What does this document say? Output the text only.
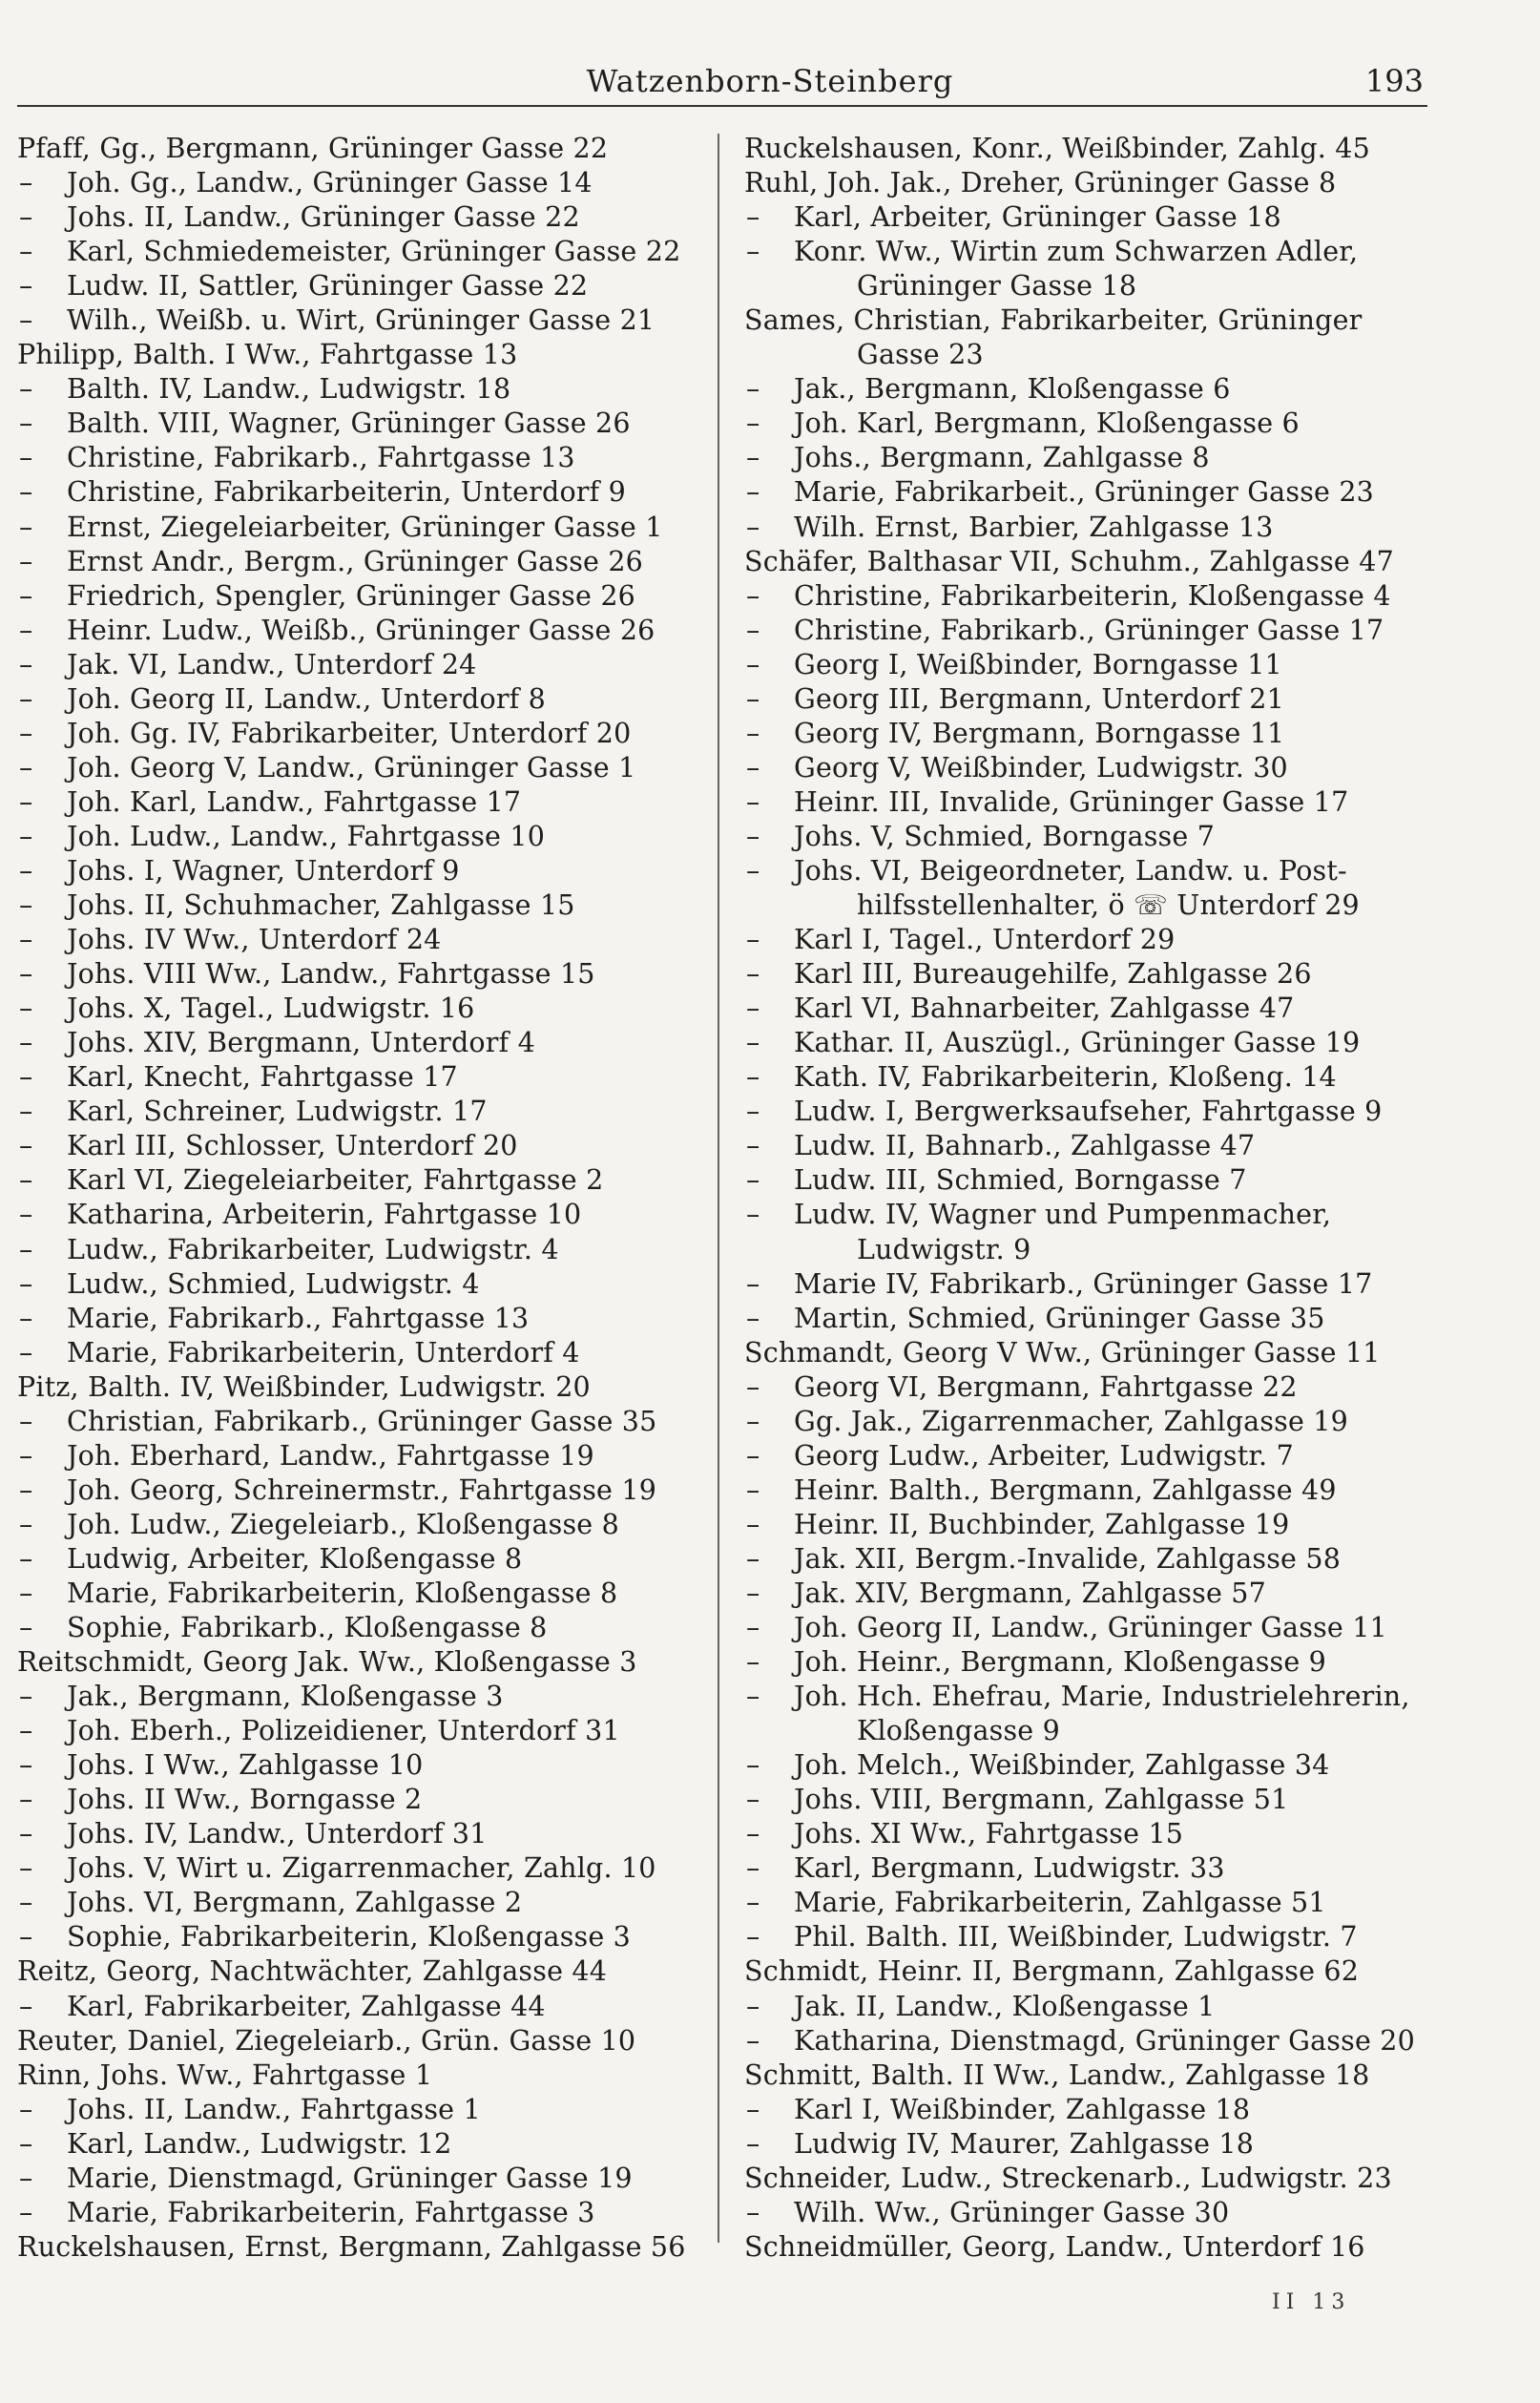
Watzenborn-Steinberg	193
Pfaff, Gg., Bergmann, Grüninger Gasse 22
– Joh. Gg., Landw., Grüninger Gasse 14
– Johs. II, Landw., Grüninger Gasse 22
– Karl, Schmiedemeister, Grüninger Gasse 22
– Ludw. II, Sattler, Grüninger Gasse 22
– Wilh., Weißb. u. Wirt, Grüninger Gasse 21
Philipp, Balth. I Ww., Fahrtgasse 13
– Balth. IV, Landw., Ludwigstr. 18
– Balth. VIII, Wagner, Grüninger Gasse 26
– Christine, Fabrikarb., Fahrtgasse 13
– Christine, Fabrikarbeiterin, Unterdorf 9
– Ernst, Ziegeleiarbeiter, Grüninger Gasse 1
– Ernst Andr., Bergm., Grüninger Gasse 26
– Friedrich, Spengler, Grüninger Gasse 26
– Heinr. Ludw., Weißb., Grüninger Gasse 26
– Jak. VI, Landw., Unterdorf 24
– Joh. Georg II, Landw., Unterdorf 8
– Joh. Gg. IV, Fabrikarbeiter, Unterdorf 20
– Joh. Georg V, Landw., Grüninger Gasse 1
– Joh. Karl, Landw., Fahrtgasse 17
– Joh. Ludw., Landw., Fahrtgasse 10
– Johs. I, Wagner, Unterdorf 9
– Johs. II, Schuhmacher, Zahlgasse 15
– Johs. IV Ww., Unterdorf 24
– Johs. VIII Ww., Landw., Fahrtgasse 15
– Johs. X, Tagel., Ludwigstr. 16
– Johs. XIV, Bergmann, Unterdorf 4
– Karl, Knecht, Fahrtgasse 17
– Karl, Schreiner, Ludwigstr. 17
– Karl III, Schlosser, Unterdorf 20
– Karl VI, Ziegeleiarbeiter, Fahrtgasse 2
– Katharina, Arbeiterin, Fahrtgasse 10
– Ludw., Fabrikarbeiter, Ludwigstr. 4
– Ludw., Schmied, Ludwigstr. 4
– Marie, Fabrikarb., Fahrtgasse 13
– Marie, Fabrikarbeiterin, Unterdorf 4
Pitz, Balth. IV, Weißbinder, Ludwigstr. 20
– Christian, Fabrikarb., Grüninger Gasse 35
– Joh. Eberhard, Landw., Fahrtgasse 19
– Joh. Georg, Schreinermstr., Fahrtgasse 19
– Joh. Ludw., Ziegeleiarb., Kloßengasse 8
– Ludwig, Arbeiter, Kloßengasse 8
– Marie, Fabrikarbeiterin, Kloßengasse 8
– Sophie, Fabrikarb., Kloßengasse 8
Reitschmidt, Georg Jak. Ww., Kloßengasse 3
– Jak., Bergmann, Kloßengasse 3
– Joh. Eberh., Polizeidiener, Unterdorf 31
– Johs. I Ww., Zahlgasse 10
– Johs. II Ww., Borngasse 2
– Johs. IV, Landw., Unterdorf 31
– Johs. V, Wirt u. Zigarrenmacher, Zahlg. 10
– Johs. VI, Bergmann, Zahlgasse 2
– Sophie, Fabrikarbeiterin, Kloßengasse 3
Reitz, Georg, Nachtwächter, Zahlgasse 44
– Karl, Fabrikarbeiter, Zahlgasse 44
Reuter, Daniel, Ziegeleiarb., Grün. Gasse 10
Rinn, Johs. Ww., Fahrtgasse 1
– Johs. II, Landw., Fahrtgasse 1
– Karl, Landw., Ludwigstr. 12
– Marie, Dienstmagd, Grüninger Gasse 19
– Marie, Fabrikarbeiterin, Fahrtgasse 3
Ruckelshausen, Ernst, Bergmann, Zahlgasse 56
Ruckelshausen, Konr., Weißbinder, Zahlg. 45
Ruhl, Joh. Jak., Dreher, Grüninger Gasse 8
– Karl, Arbeiter, Grüninger Gasse 18
– Konr. Ww., Wirtin zum Schwarzen Adler,
Grüninger Gasse 18
Sames, Christian, Fabrikarbeiter, Grüninger
Gasse 23
– Jak., Bergmann, Kloßengasse 6
– Joh. Karl, Bergmann, Kloßengasse 6
– Johs., Bergmann, Zahlgasse 8
– Marie, Fabrikarbeit., Grüninger Gasse 23
– Wilh. Ernst, Barbier, Zahlgasse 13
Schäfer, Balthasar VII, Schuhm., Zahlgasse 47
– Christine, Fabrikarbeiterin, Kloßengasse 4
– Christine, Fabrikarb., Grüninger Gasse 17
– Georg I, Weißbinder, Borngasse 11
– Georg III, Bergmann, Unterdorf 21
– Georg IV, Bergmann, Borngasse 11
– Georg V, Weißbinder, Ludwigstr. 30
– Heinr. III, Invalide, Grüninger Gasse 17
– Johs. V, Schmied, Borngasse 7
– Johs. VI, Beigeordneter, Landw. u. Post-
hilfsstellenhalter, ö ☏ Unterdorf 29
– Karl I, Tagel., Unterdorf 29
– Karl III, Bureaugehilfe, Zahlgasse 26
– Karl VI, Bahnarbeiter, Zahlgasse 47
– Kathar. II, Auszügl., Grüninger Gasse 19
– Kath. IV, Fabrikarbeiterin, Kloßeng. 14
– Ludw. I, Bergwerksaufseher, Fahrtgasse 9
– Ludw. II, Bahnarb., Zahlgasse 47
– Ludw. III, Schmied, Borngasse 7
– Ludw. IV, Wagner und Pumpenmacher,
Ludwigstr. 9
– Marie IV, Fabrikarb., Grüninger Gasse 17
– Martin, Schmied, Grüninger Gasse 35
Schmandt, Georg V Ww., Grüninger Gasse 11
– Georg VI, Bergmann, Fahrtgasse 22
– Gg. Jak., Zigarrenmacher, Zahlgasse 19
– Georg Ludw., Arbeiter, Ludwigstr. 7
– Heinr. Balth., Bergmann, Zahlgasse 49
– Heinr. II, Buchbinder, Zahlgasse 19
– Jak. XII, Bergm.-Invalide, Zahlgasse 58
– Jak. XIV, Bergmann, Zahlgasse 57
– Joh. Georg II, Landw., Grüninger Gasse 11
– Joh. Heinr., Bergmann, Kloßengasse 9
– Joh. Hch. Ehefrau, Marie, Industrielehrerin,
Kloßengasse 9
– Joh. Melch., Weißbinder, Zahlgasse 34
– Johs. VIII, Bergmann, Zahlgasse 51
– Johs. XI Ww., Fahrtgasse 15
– Karl, Bergmann, Ludwigstr. 33
– Marie, Fabrikarbeiterin, Zahlgasse 51
– Phil. Balth. III, Weißbinder, Ludwigstr. 7
Schmidt, Heinr. II, Bergmann, Zahlgasse 62
– Jak. II, Landw., Kloßengasse 1
– Katharina, Dienstmagd, Grüninger Gasse 20
Schmitt, Balth. II Ww., Landw., Zahlgasse 18
– Karl I, Weißbinder, Zahlgasse 18
– Ludwig IV, Maurer, Zahlgasse 18
Schneider, Ludw., Streckenarb., Ludwigstr. 23
– Wilh. Ww., Grüninger Gasse 30
Schneidmüller, Georg, Landw., Unterdorf 16
II 13
